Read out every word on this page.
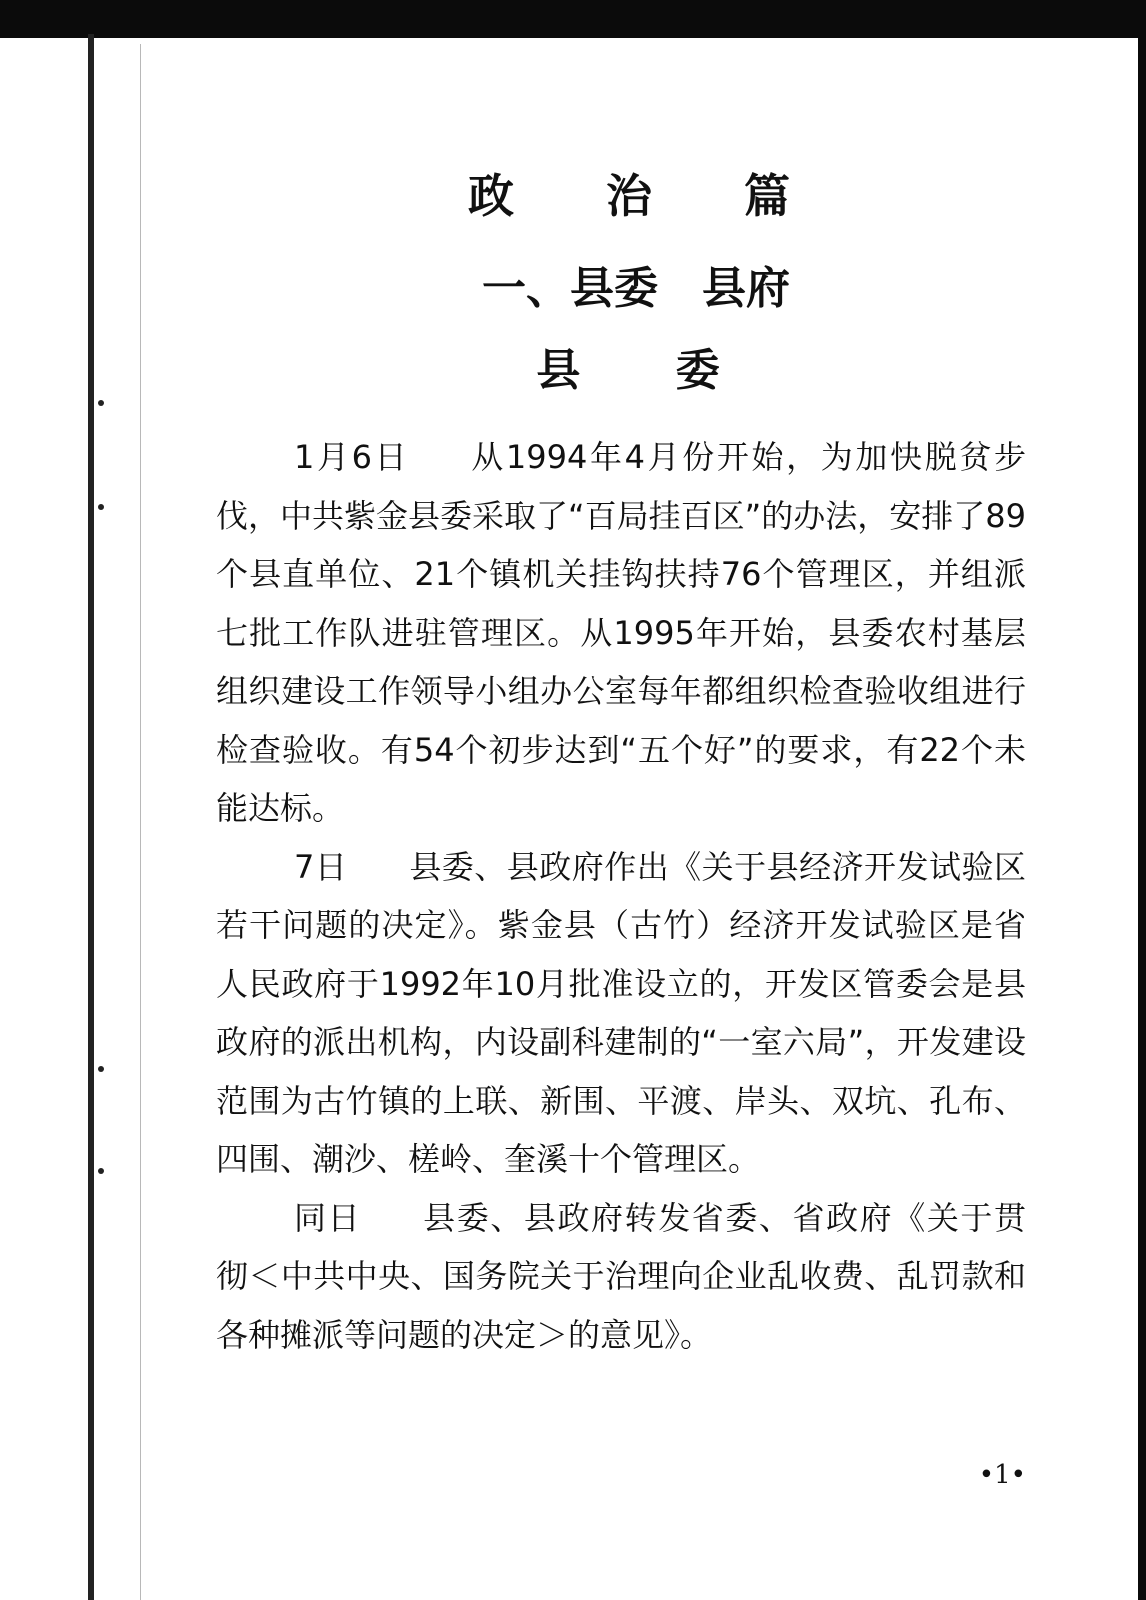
政 治 篇
一、县委　县府
县 委

1月6日 从1994年4月份开始，为加快脱贫步伐，中共紫金县委采取了“百局挂百区”的办法，安排了89个县直单位、21个镇机关挂钩扶持76个管理区，并组派七批工作队进驻管理区。从1995年开始，县委农村基层组织建设工作领导小组办公室每年都组织检查验收组进行检查验收。有54个初步达到“五个好”的要求，有22个未能达标。

7日 县委、县政府作出《关于县经济开发试验区若干问题的决定》。紫金县（古竹）经济开发试验区是省人民政府于1992年10月批准设立的，开发区管委会是县政府的派出机构，内设副科建制的“一室六局”，开发建设范围为古竹镇的上联、新围、平渡、岸头、双坑、孔布、四围、潮沙、槎岭、奎溪十个管理区。

同日 县委、县政府转发省委、省政府《关于贯彻＜中共中央、国务院关于治理向企业乱收费、乱罚款和各种摊派等问题的决定＞的意见》。

•1•
